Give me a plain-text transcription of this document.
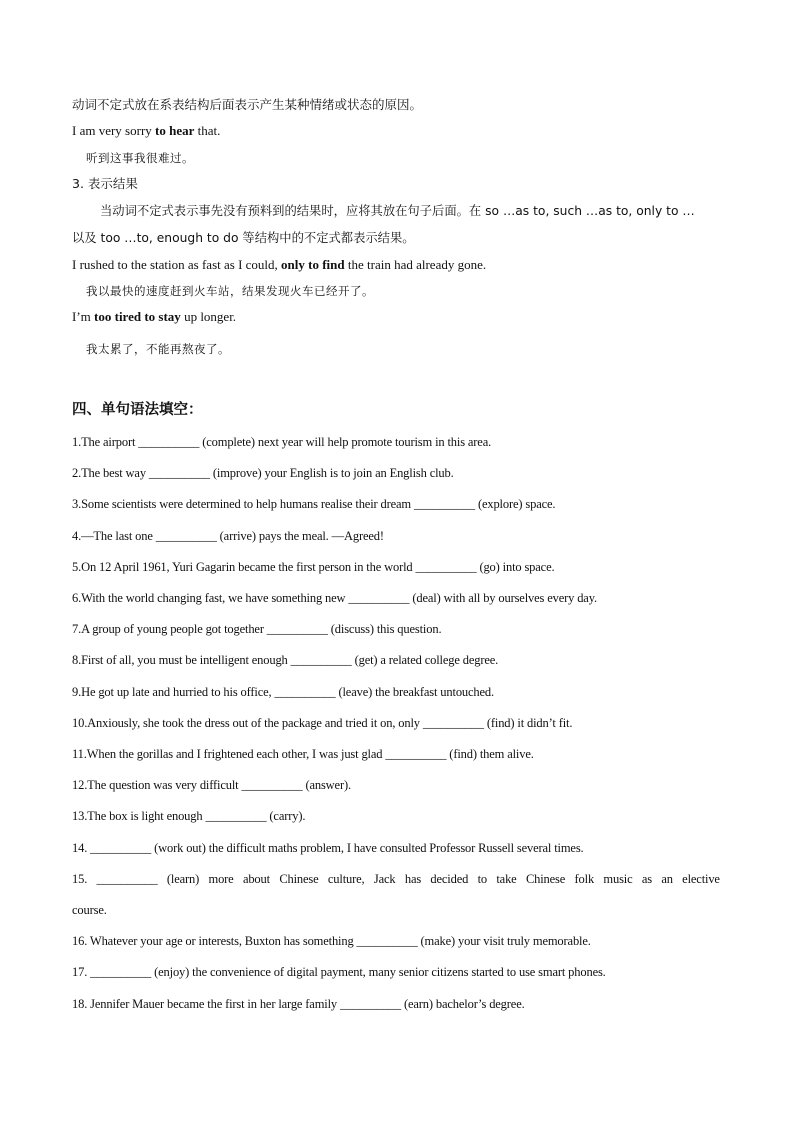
动词不定式放在系表结构后面表示产生某种情绪或状态的原因。
I am very sorry to hear that.
听到这事我很难过。
3. 表示结果
当动词不定式表示事先没有预料到的结果时，应将其放在句子后面。在 so …as to, such …as to, only to …
以及 too …to, enough to do 等结构中的不定式都表示结果。
I rushed to the station as fast as I could, only to find the train had already gone.
我以最快的速度赶到火车站，结果发现火车已经开了。
I’m too tired to stay up longer.
我太累了，不能再熬夜了。
四、单句语法填空：
1.The airport __________ (complete) next year will help promote tourism in this area.
2.The best way __________ (improve) your English is to join an English club.
3.Some scientists were determined to help humans realise their dream __________ (explore) space.
4.—The last one __________ (arrive) pays the meal. —Agreed!
5.On 12 April 1961, Yuri Gagarin became the first person in the world __________ (go) into space.
6.With the world changing fast, we have something new __________ (deal) with all by ourselves every day.
7.A group of young people got together __________ (discuss) this question.
8.First of all, you must be intelligent enough __________ (get) a related college degree.
9.He got up late and hurried to his office, __________ (leave) the breakfast untouched.
10.Anxiously, she took the dress out of the package and tried it on, only __________ (find) it didn’t fit.
11.When the gorillas and I frightened each other, I was just glad __________ (find) them alive.
12.The question was very difficult __________ (answer).
13.The box is light enough __________ (carry).
14. __________ (work out) the difficult maths problem, I have consulted Professor Russell several times.
15. __________ (learn) more about Chinese culture, Jack has decided to take Chinese folk music as an elective
course.
16. Whatever your age or interests, Buxton has something __________ (make) your visit truly memorable.
17. __________ (enjoy) the convenience of digital payment, many senior citizens started to use smart phones.
18. Jennifer Mauer became the first in her large family __________ (earn) bachelor’s degree.
